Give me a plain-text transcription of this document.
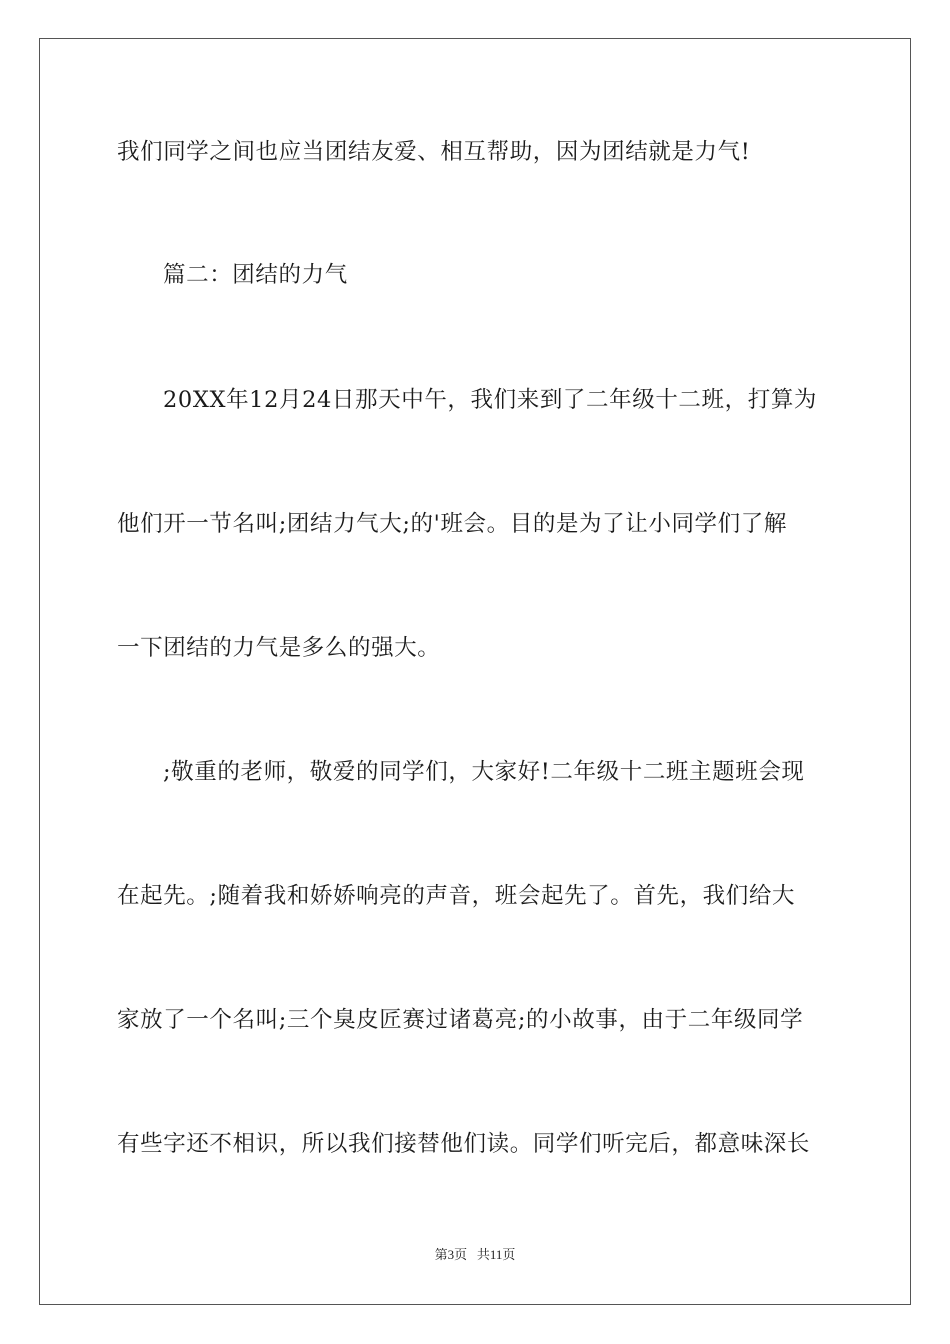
我们同学之间也应当团结友爱、相互帮助，因为团结就是力气!
篇二：团结的力气
20XX年12月24日那天中午，我们来到了二年级十二班，打算为
他们开一节名叫;团结力气大;的'班会。目的是为了让小同学们了解
一下团结的力气是多么的强大。
;敬重的老师，敬爱的同学们，大家好!二年级十二班主题班会现
在起先。;随着我和娇娇响亮的声音，班会起先了。首先，我们给大
家放了一个名叫;三个臭皮匠赛过诸葛亮;的小故事，由于二年级同学
有些字还不相识，所以我们接替他们读。同学们听完后，都意味深长
第3页 共11页
